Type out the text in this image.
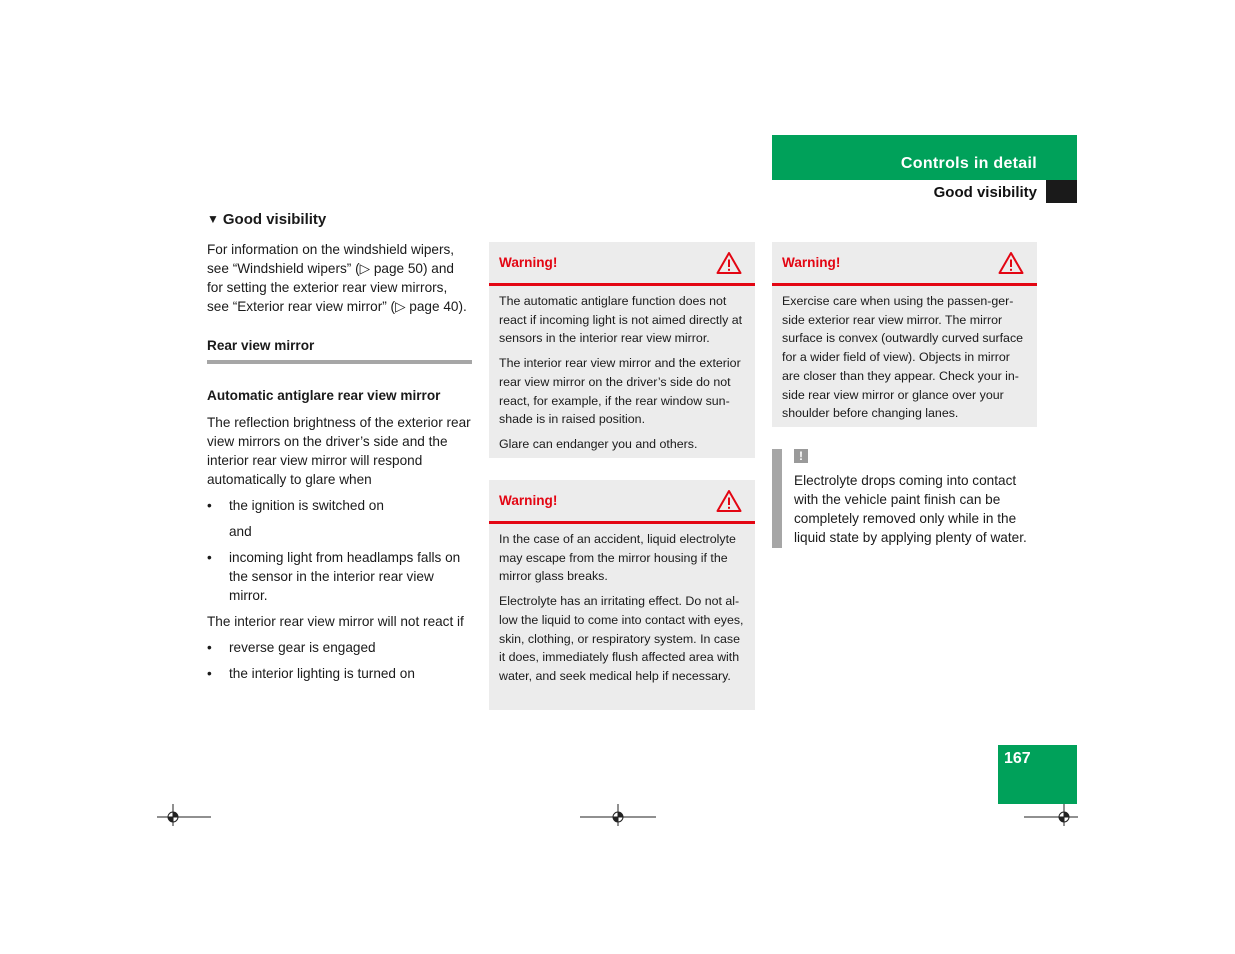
Controls in detail
Good visibility
▼ Good visibility

For information on the windshield wipers, see “Windshield wipers” (▷ page 50) and for setting the exterior rear view mirrors, see “Exterior rear view mirror” (▷ page 40).

Rear view mirror
Automatic antiglare rear view mirror

The reflection brightness of the exterior rear view mirrors on the driver’s side and the interior rear view mirror will respond automatically to glare when

• the ignition is switched on

and

• incoming light from headlamps falls on the sensor in the interior rear view mirror.

The interior rear view mirror will not react if

• reverse gear is engaged
• the interior lighting is turned on
Warning!

The automatic antiglare function does not react if incoming light is not aimed directly at sensors in the interior rear view mirror.

The interior rear view mirror and the exterior rear view mirror on the driver’s side do not react, for example, if the rear window sun-shade is in raised position.

Glare can endanger you and others.

Warning!

In the case of an accident, liquid electrolyte may escape from the mirror housing if the mirror glass breaks.

Electrolyte has an irritating effect. Do not al-low the liquid to come into contact with eyes, skin, clothing, or respiratory system. In case it does, immediately flush affected area with water, and seek medical help if necessary.

Warning!

Exercise care when using the passen-ger-side exterior rear view mirror. The mirror surface is convex (outwardly curved surface for a wider field of view). Objects in mirror are closer than they appear. Check your in-side rear view mirror or glance over your shoulder before changing lanes.

!

Electrolyte drops coming into contact with the vehicle paint finish can be completely removed only while in the liquid state by applying plenty of water.

167
